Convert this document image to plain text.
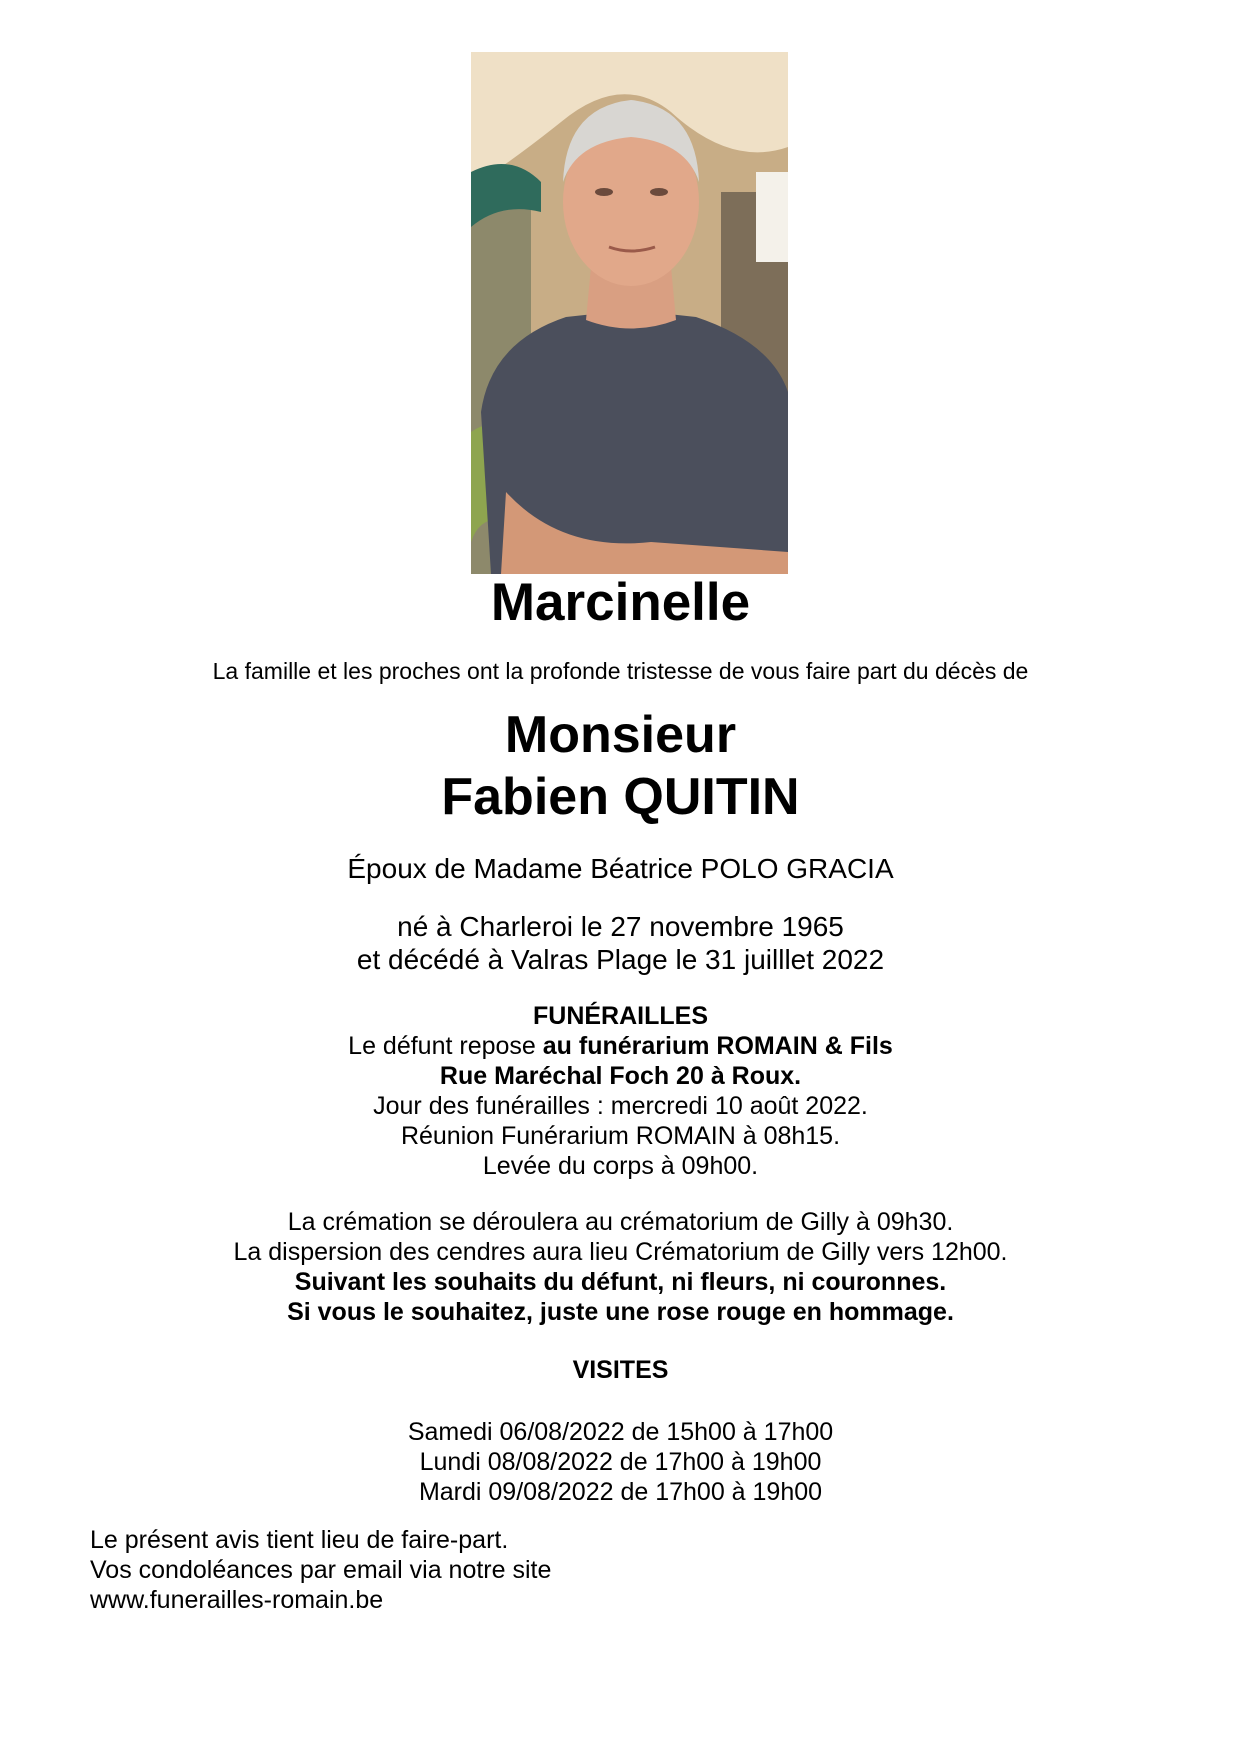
Marcinelle
La famille et les proches ont la profonde tristesse de vous faire part du décès de
Monsieur
Fabien QUITIN
Époux de Madame Béatrice POLO GRACIA
né à Charleroi le 27 novembre 1965
et décédé à Valras Plage le 31 juilllet 2022
FUNÉRAILLES
Le défunt repose au funérarium ROMAIN & Fils
Rue Maréchal Foch 20 à Roux.
Jour des funérailles : mercredi 10 août 2022.
Réunion Funérarium ROMAIN à 08h15.
Levée du corps à 09h00.
La crémation se déroulera au crématorium de Gilly à 09h30.
La dispersion des cendres aura lieu Crématorium de Gilly vers 12h00.
Suivant les souhaits du défunt, ni fleurs, ni couronnes.
Si vous le souhaitez, juste une rose rouge en hommage.
VISITES
Samedi 06/08/2022 de 15h00 à 17h00
Lundi 08/08/2022 de 17h00 à 19h00
Mardi 09/08/2022 de 17h00 à 19h00
Le présent avis tient lieu de faire-part.
Vos condoléances par email via notre site
www.funerailles-romain.be
